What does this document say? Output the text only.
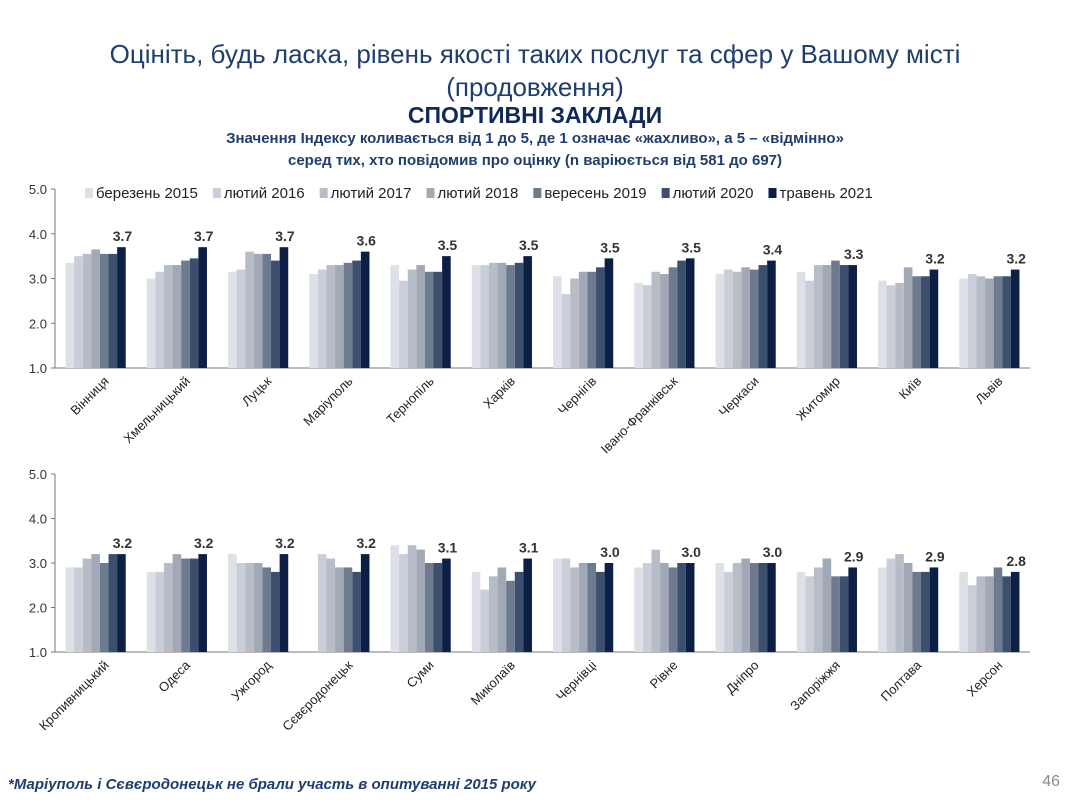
Оцініть, будь ласка, рівень якості таких послуг та сфер у Вашому місті
(продовження)
СПОРТИВНІ ЗАКЛАДИ
Значення Індексу коливається від 1 до 5, де 1 означає «жахливо», а 5 – «відмінно»
серед тих, хто повідомив про оцінку (n варіюється від 581 до 697)
1.0
2.0
3.0
4.0
5.0
3.7
Вінниця
3.7
Хмельницький
3.7
Луцьк
3.6
Маріуполь
3.5
Тернопіль
3.5
Харків
3.5
Чернігів
3.5
Івано-Франківськ
3.4
Черкаси
3.3
Житомир
3.2
Київ
3.2
Львів
березень 2015 лютий 2016 лютий 2017 лютий 2018 вересень 2019 лютий 2020 травень 2021
1.0
2.0
3.0
4.0
5.0
3.2
Кропивницький
3.2
Одеса
3.2
Ужгород
3.2
Сєвєродонецьк
3.1
Суми
3.1
Миколаїв
3.0
Чернівці
3.0
Рівне
3.0
Дніпро
2.9
Запоріжжя
2.9
Полтава
2.8
Херсон
*Маріуполь і Сєвєродонецьк не брали участь в опитуванні 2015 року	46
